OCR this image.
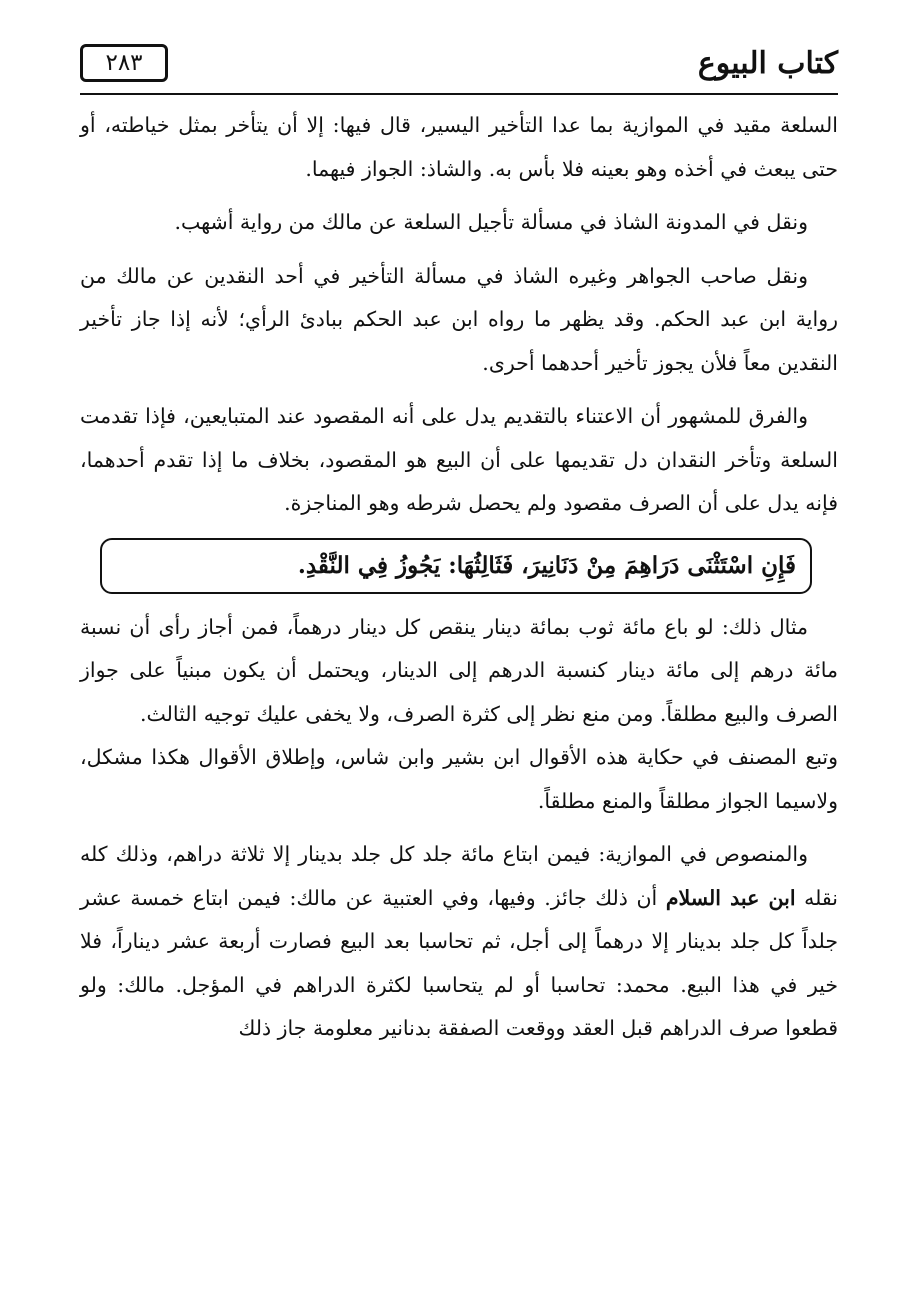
كتاب البيوع
٢٨٣

السلعة مقيد في الموازية بما عدا التأخير اليسير، قال فيها: إلا أن يتأخر بمثل خياطته، أو حتى يبعث في أخذه وهو بعينه فلا بأس به. والشاذ: الجواز فيهما.

ونقل في المدونة الشاذ في مسألة تأجيل السلعة عن مالك من رواية أشهب.

ونقل صاحب الجواهر وغيره الشاذ في مسألة التأخير في أحد النقدين عن مالك من رواية ابن عبد الحكم. وقد يظهر ما رواه ابن عبد الحكم ببادئ الرأي؛ لأنه إذا جاز تأخير النقدين معاً فلأن يجوز تأخير أحدهما أحرى.

والفرق للمشهور أن الاعتناء بالتقديم يدل على أنه المقصود عند المتبايعين، فإذا تقدمت السلعة وتأخر النقدان دل تقديمها على أن البيع هو المقصود، بخلاف ما إذا تقدم أحدهما، فإنه يدل على أن الصرف مقصود ولم يحصل شرطه وهو المناجزة.

فَإِنِ اسْتَثْنَى دَرَاهِمَ مِنْ دَنَانِيرَ، فَثَالِثُهَا: يَجُوزُ فِي النَّقْدِ.

مثال ذلك: لو باع مائة ثوب بمائة دينار ينقص كل دينار درهماً، فمن أجاز رأى أن نسبة مائة درهم إلى مائة دينار كنسبة الدرهم إلى الدينار، ويحتمل أن يكون مبنياً على جواز الصرف والبيع مطلقاً. ومن منع نظر إلى كثرة الصرف، ولا يخفى عليك توجيه الثالث.

وتبع المصنف في حكاية هذه الأقوال ابن بشير وابن شاس، وإطلاق الأقوال هكذا مشكل، ولاسيما الجواز مطلقاً والمنع مطلقاً.

والمنصوص في الموازية: فيمن ابتاع مائة جلد كل جلد بدينار إلا ثلاثة دراهم، وذلك كله نقله ابن عبد السلام أن ذلك جائز. وفيها، وفي العتبية عن مالك: فيمن ابتاع خمسة عشر جلداً كل جلد بدينار إلا درهماً إلى أجل، ثم تحاسبا بعد البيع فصارت أربعة عشر ديناراً، فلا خير في هذا البيع. محمد: تحاسبا أو لم يتحاسبا لكثرة الدراهم في المؤجل. مالك: ولو قطعوا صرف الدراهم قبل العقد ووقعت الصفقة بدنانير معلومة جاز ذلك
